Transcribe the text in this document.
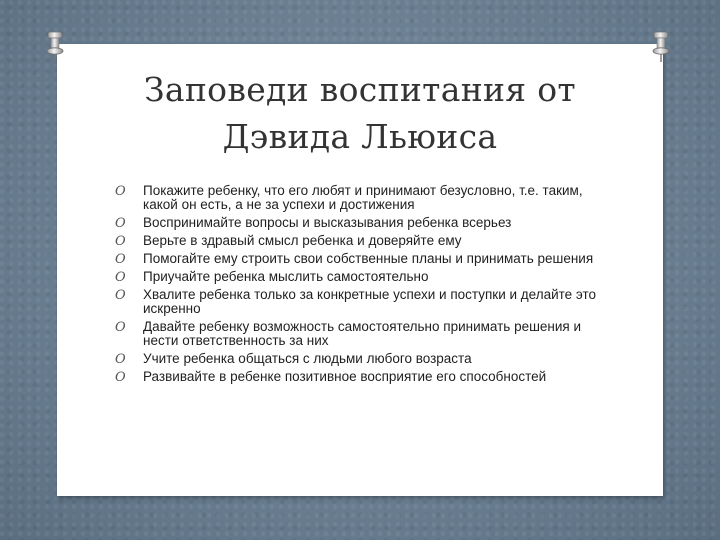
Заповеди воспитания от
Дэвида Льюиса
O Покажите ребенку, что его любят и принимают безусловно, т.е. таким, какой он есть, а не за успехи и достижения
O Воспринимайте вопросы и высказывания ребенка всерьез
O Верьте в здравый смысл ребенка и доверяйте ему
O Помогайте ему строить свои собственные планы и принимать решения
O Приучайте ребенка мыслить самостоятельно
O Хвалите ребенка только за конкретные успехи и поступки и делайте это искренно
O Давайте ребенку возможность самостоятельно принимать решения и нести ответственность за них
O Учите ребенка общаться с людьми любого возраста
O Развивайте в ребенке позитивное восприятие его способностей
